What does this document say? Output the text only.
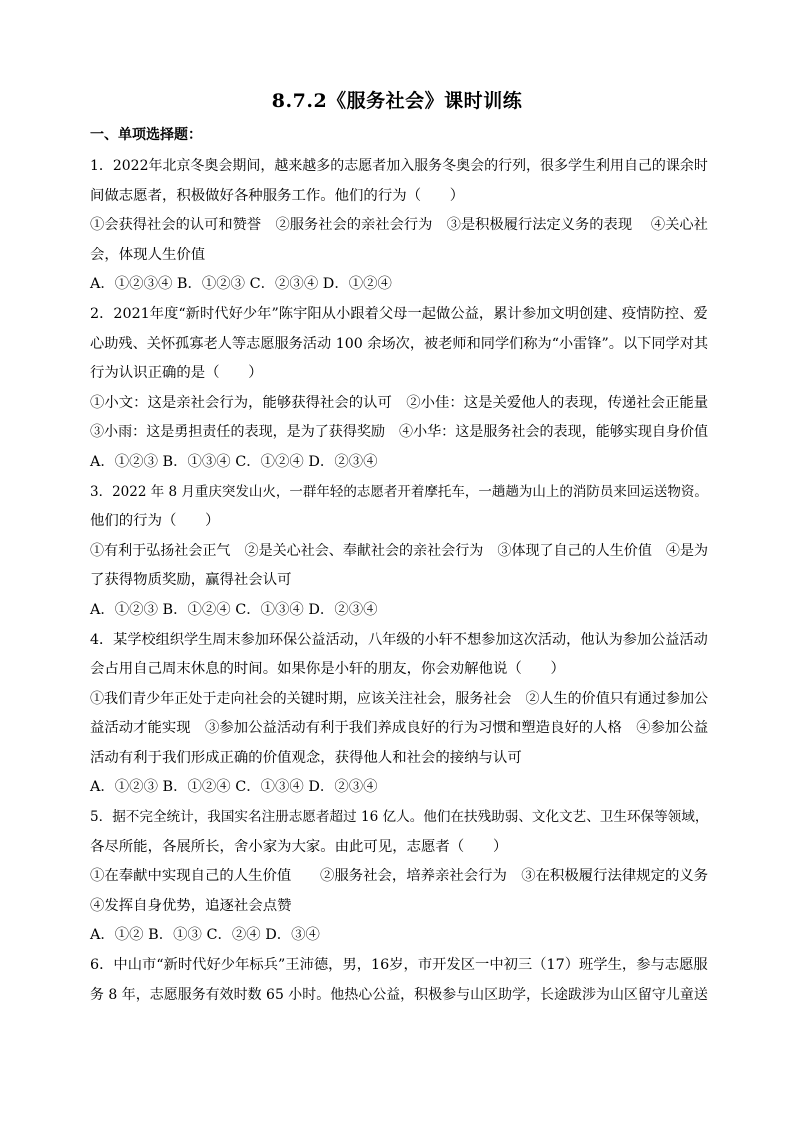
8.7.2《服务社会》课时训练
一、单项选择题：

1．2022年北京冬奥会期间，越来越多的志愿者加入服务冬奥会的行列，很多学生利用自己的课余时
间做志愿者，积极做好各种服务工作。他们的行为（　　）
①会获得社会的认可和赞誉　②服务社会的亲社会行为　③是积极履行法定义务的表现　 ④关心社
会，体现人生价值
A．①②③④ B．①②③ C．②③④ D．①②④

2．2021年度“新时代好少年”陈宇阳从小跟着父母一起做公益，累计参加文明创建、疫情防控、爱
心助残、关怀孤寡老人等志愿服务活动 100 余场次，被老师和同学们称为“小雷锋”。以下同学对其
行为认识正确的是（　　）
①小文：这是亲社会行为，能够获得社会的认可　②小佳：这是关爱他人的表现，传递社会正能量
③小雨：这是勇担责任的表现，是为了获得奖励　④小华：这是服务社会的表现，能够实现自身价值
A．①②③ B．①③④ C．①②④ D．②③④

3．2022 年 8 月重庆突发山火，一群年轻的志愿者开着摩托车，一趟趟为山上的消防员来回运送物资。
他们的行为（　　）
①有利于弘扬社会正气　②是关心社会、奉献社会的亲社会行为　③体现了自己的人生价值　④是为
了获得物质奖励，赢得社会认可
A．①②③ B．①②④ C．①③④ D．②③④

4．某学校组织学生周末参加环保公益活动，八年级的小轩不想参加这次活动，他认为参加公益活动
会占用自己周末休息的时间。如果你是小轩的朋友，你会劝解他说（　　）
①我们青少年正处于走向社会的关键时期，应该关注社会，服务社会　②人生的价值只有通过参加公
益活动才能实现　③参加公益活动有利于我们养成良好的行为习惯和塑造良好的人格　④参加公益
活动有利于我们形成正确的价值观念，获得他人和社会的接纳与认可
A．①②③ B．①②④ C．①③④ D．②③④

5．据不完全统计，我国实名注册志愿者超过 16 亿人。他们在扶残助弱、文化文艺、卫生环保等领域，
各尽所能，各展所长，舍小家为大家。由此可见，志愿者（　　）
①在奉献中实现自己的人生价值　　②服务社会，培养亲社会行为　③在积极履行法律规定的义务
④发挥自身优势，追逐社会点赞
A．①② B．①③ C．②④ D．③④

6．中山市“新时代好少年标兵”王沛德，男，16岁，市开发区一中初三（17）班学生，参与志愿服
务 8 年，志愿服务有效时数 65 小时。他热心公益，积极参与山区助学，长途跋涉为山区留守儿童送
